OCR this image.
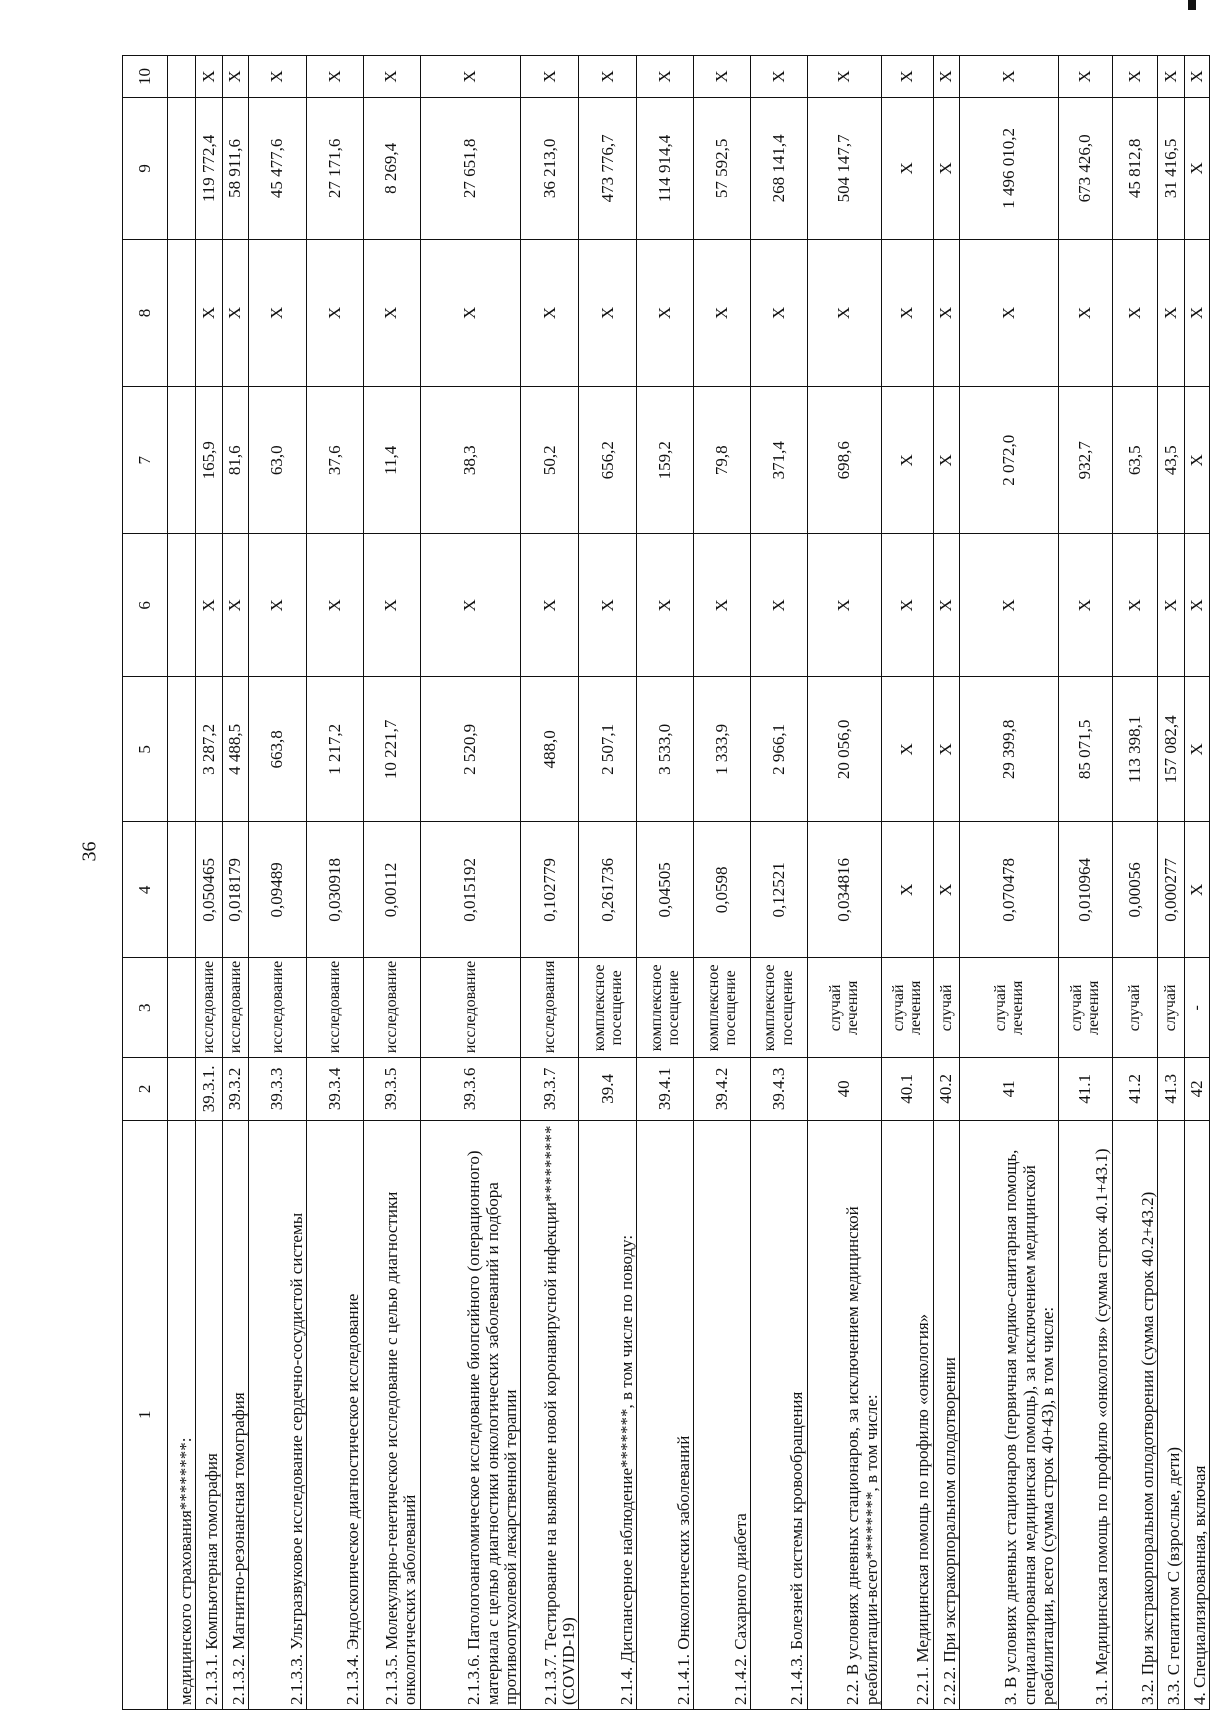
36
1	2	3	4	5	6	7	8	9	10
медицинского страхования********:									
2.1.3.1. Компьютерная томография	39.3.1.	исследование	0,050465	3 287,2	X	165,9	X	119 772,4	X
2.1.3.2. Магнитно-резонансная томография	39.3.2	исследование	0,018179	4 488,5	X	81,6	X	58 911,6	X
2.1.3.3. Ультразвуковое исследование сердечно-сосудистой системы	39.3.3	исследование	0,09489	663,8	X	63,0	X	45 477,6	X
2.1.3.4. Эндоскопическое диагностическое исследование	39.3.4	исследование	0,030918	1 217,2	X	37,6	X	27 171,6	X
2.1.3.5. Молекулярно-генетическое исследование с целью диагностики онкологических заболеваний	39.3.5	исследование	0,00112	10 221,7	X	11,4	X	8 269,4	X
2.1.3.6. Патологоанатомическое исследование биопсийного (операционного) материала с целью диагностики онкологических заболеваний и подбора противоопухолевой лекарственной терапии	39.3.6	исследование	0,015192	2 520,9	X	38,3	X	27 651,8	X
2.1.3.7. Тестирование на выявление новой коронавирусной инфекции********* (COVID-19)	39.3.7	исследования	0,102779	488,0	X	50,2	X	36 213,0	X
2.1.4. Диспансерное наблюдение*******, в том числе по поводу:	39.4	комплексное посещение	0,261736	2 507,1	X	656,2	X	473 776,7	X
2.1.4.1. Онкологических заболеваний	39.4.1	комплексное посещение	0,04505	3 533,0	X	159,2	X	114 914,4	X
2.1.4.2. Сахарного диабета	39.4.2	комплексное посещение	0,0598	1 333,9	X	79,8	X	57 592,5	X
2.1.4.3. Болезней системы кровообращения	39.4.3	комплексное посещение	0,12521	2 966,1	X	371,4	X	268 141,4	X
2.2. В условиях дневных стационаров, за исключением медицинской реабилитации-всего********, в том числе:	40	случай лечения	0,034816	20 056,0	X	698,6	X	504 147,7	X
2.2.1. Медицинская помощь по профилю «онкология»	40.1	случай лечения	X	X	X	X	X	X	X
2.2.2. При экстракорпоральном оплодотворении	40.2	случай	X	X	X	X	X	X	X
3. В условиях дневных стационаров (первичная медико-санитарная помощь, специализированная медицинская помощь), за исключением медицинской реабилитации, всего (сумма строк 40+43), в том числе:	41	случай лечения	0,070478	29 399,8	X	2 072,0	X	1 496 010,2	X
3.1. Медицинская помощь по профилю «онкология» (сумма строк 40.1+43.1)	41.1	случай лечения	0,010964	85 071,5	X	932,7	X	673 426,0	X
3.2. При экстракорпоральном оплодотворении (сумма строк 40.2+43.2)	41.2	случай	0,00056	113 398,1	X	63,5	X	45 812,8	X
3.3. С гепатитом С (взрослые, дети)	41.3	случай	0,000277	157 082,4	X	43,5	X	31 416,5	X
4. Специализированная, включая	42	-	X	X	X	X	X	X	X
